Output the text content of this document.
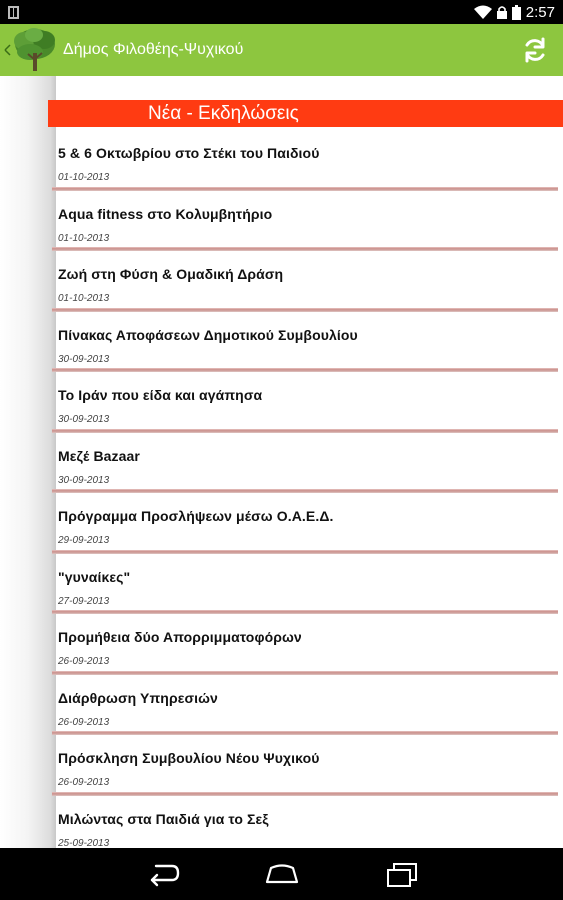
2:57
Δήμος Φιλοθέης-Ψυχικού
Νέα - Εκδηλώσεις
5 & 6 Οκτωβρίου στο Στέκι του Παιδιού
01-10-2013
Aqua fitness στο Κολυμβητήριο
01-10-2013
Ζωή στη Φύση & Ομαδική Δράση
01-10-2013
Πίνακας Αποφάσεων Δημοτικού Συμβουλίου
30-09-2013
Το Ιράν που είδα και αγάπησα
30-09-2013
Μεζέ Bazaar
30-09-2013
Πρόγραμμα Προσλήψεων μέσω Ο.Α.Ε.Δ.
29-09-2013
"γυναίκες"
27-09-2013
Προμήθεια δύο Απορριμματοφόρων
26-09-2013
Διάρθρωση Υπηρεσιών
26-09-2013
Πρόσκληση Συμβουλίου Νέου Ψυχικού
26-09-2013
Μιλώντας στα Παιδιά για το Σεξ
25-09-2013
